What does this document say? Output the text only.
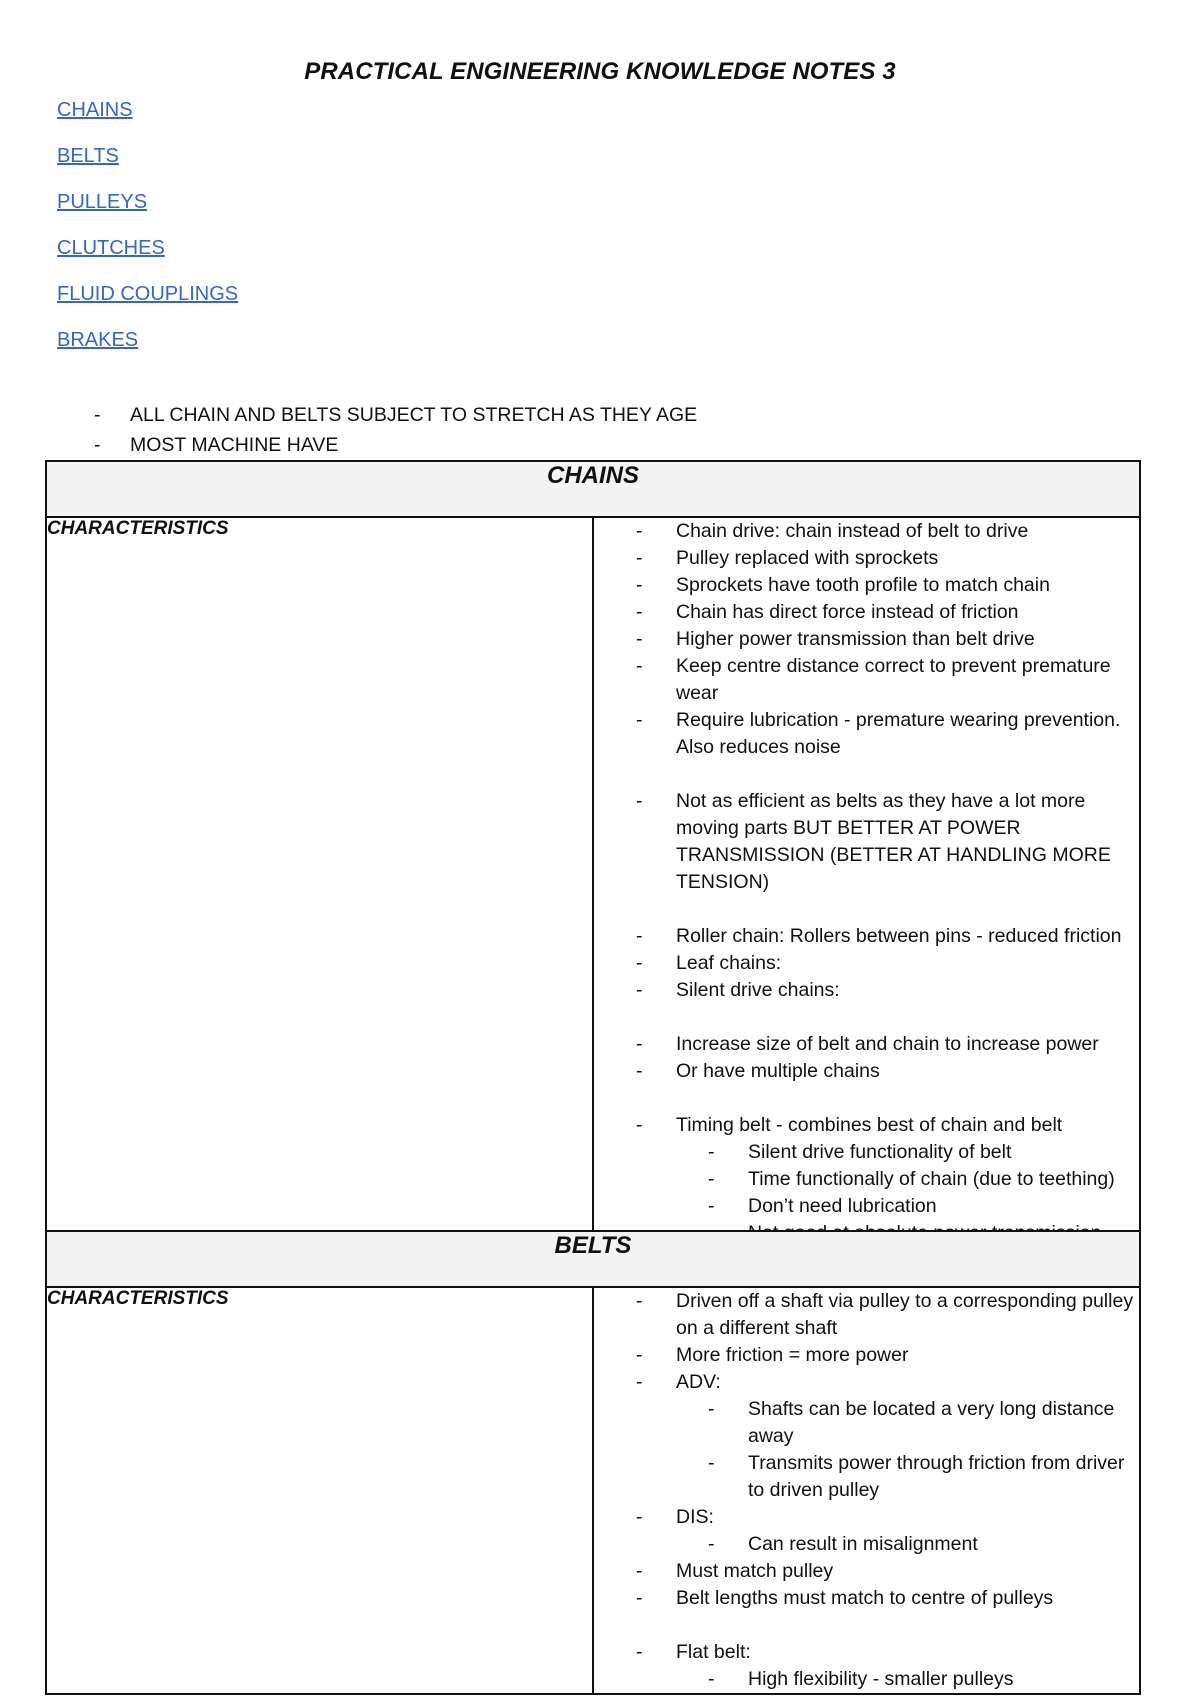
PRACTICAL ENGINEERING KNOWLEDGE NOTES 3
CHAINS
BELTS
PULLEYS
CLUTCHES
FLUID COUPLINGS
BRAKES
- ALL CHAIN AND BELTS SUBJECT TO STRETCH AS THEY AGE
- MOST MACHINE HAVE
CHAINS
CHARACTERISTICS	
-Chain drive: chain instead of belt to drive
- Pulley replaced with sprockets
- Sprockets have tooth profile to match chain
- Chain has direct force instead of friction
- Higher power transmission than belt drive
- Keep centre distance correct to prevent premature wear
- Require lubrication - premature wearing prevention. Also reduces noise
- Not as efficient as belts as they have a lot more moving parts BUT BETTER AT POWER TRANSMISSION (BETTER AT HANDLING MORE TENSION)
- Roller chain: Rollers between pins - reduced friction
- Leaf chains:
- Silent drive chains:
- Increase size of belt and chain to increase power
- Or have multiple chains
- Timing belt - combines best of chain and belt
- Silent drive functionality of belt
- Time functionally of chain (due to teething)
- Don’t need lubrication
-
-
BELTS
CHARACTERISTICS	
-Driven off a shaft via pulley to a corresponding pulley on a different shaft
- More friction = more power
- ADV:
- Shafts can be located a very long distance away
- Transmits power through friction from driver to driven pulley
- DIS:
- Can result in misalignment
- Must match pulley
- Belt lengths must match to centre of pulleys
- Flat belt:
- High flexibility - smaller pulleys
